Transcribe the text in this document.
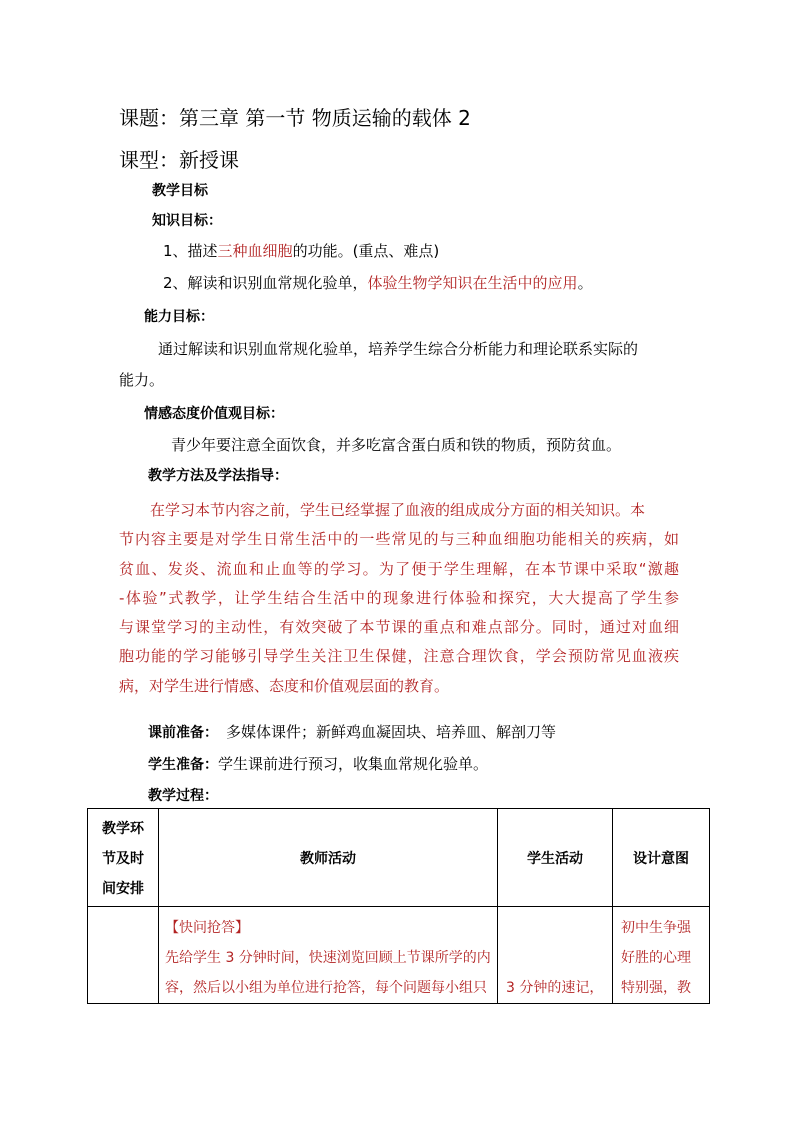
课题：第三章 第一节 物质运输的载体 2
课型：新授课
教学目标
知识目标：
1、描述三种血细胞的功能。(重点、难点)
2、解读和识别血常规化验单，体验生物学知识在生活中的应用。
能力目标：
通过解读和识别血常规化验单，培养学生综合分析能力和理论联系实际的
能力。
情感态度价值观目标：
青少年要注意全面饮食，并多吃富含蛋白质和铁的物质，预防贫血。
教学方法及学法指导：
在学习本节内容之前，学生已经掌握了血液的组成成分方面的相关知识。本
节内容主要是对学生日常生活中的一些常见的与三种血细胞功能相关的疾病，如
贫血、发炎、流血和止血等的学习。为了便于学生理解，在本节课中采取“激趣
-体验”式教学，让学生结合生活中的现象进行体验和探究，大大提高了学生参
与课堂学习的主动性，有效突破了本节课的重点和难点部分。同时，通过对血细
胞功能的学习能够引导学生关注卫生保健，注意合理饮食，学会预防常见血液疾
病，对学生进行情感、态度和价值观层面的教育。
课前准备： 多媒体课件；新鲜鸡血凝固块、培养皿、解剖刀等
学生准备：学生课前进行预习，收集血常规化验单。
教学过程：
教学环
节及时
间安排	教师活动	学生活动	设计意图

	【快问抢答】
先给学生 3 分钟时间，快速浏览回顾上节课所学的内
容，然后以小组为单位进行抢答，每个问题每小组只	3 分钟的速记，	初中生争强
好胜的心理
特别强，教
